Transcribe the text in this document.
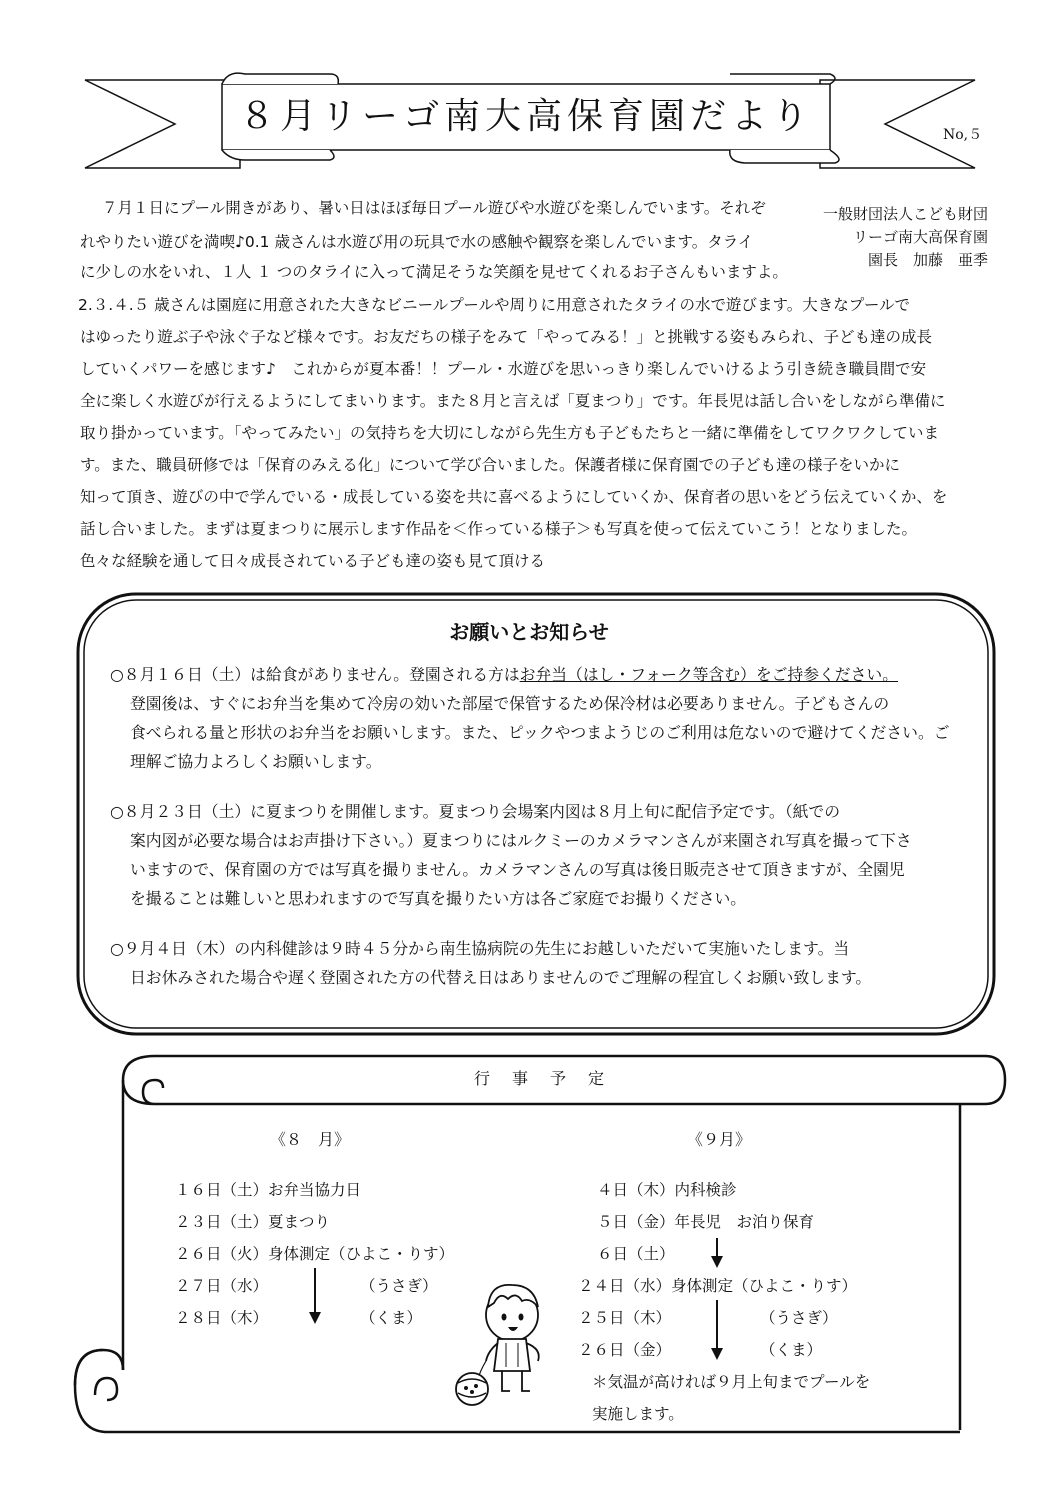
８月リーゴ南大高保育園だより	No,５
一般財団法人こども財団
リーゴ南大高保育園
園長　加藤　亜季
７月１日にプール開きがあり、暑い日はほぼ毎日プール遊びや水遊びを楽しんでいます。それぞ
れやりたい遊びを満喫♪0.1 歳さんは水遊び用の玩具で水の感触や観察を楽しんでいます。タライ
に少しの水をいれ、１人 １ つのタライに入って満足そうな笑顔を見せてくれるお子さんもいますよ。
2.３.４.５ 歳さんは園庭に用意された大きなビニールプールや周りに用意されたタライの水で遊びます。大きなプールで
はゆったり遊ぶ子や泳ぐ子など様々です。お友だちの様子をみて「やってみる！」と挑戦する姿もみられ、子ども達の成長
していくパワーを感じます♪　これからが夏本番！！プール・水遊びを思いっきり楽しんでいけるよう引き続き職員間で安
全に楽しく水遊びが行えるようにしてまいります。また８月と言えば「夏まつり」です。年長児は話し合いをしながら準備に
取り掛かっています。「やってみたい」の気持ちを大切にしながら先生方も子どもたちと一緒に準備をしてワクワクしていま
す。また、職員研修では「保育のみえる化」について学び合いました。保護者様に保育園での子ども達の様子をいかに
知って頂き、遊びの中で学んでいる・成長している姿を共に喜べるようにしていくか、保育者の思いをどう伝えていくか、を
話し合いました。まずは夏まつりに展示します作品を＜作っている様子＞も写真を使って伝えていこう！となりました。
色々な経験を通して日々成長されている子ども達の姿も見て頂ける
お願いとお知らせ
○８月１６日（土）は給食がありません。登園される方はお弁当（はし・フォーク等含む）をご持参ください。
登園後は、すぐにお弁当を集めて冷房の効いた部屋で保管するため保冷材は必要ありません。子どもさんの
食べられる量と形状のお弁当をお願いします。また、ピックやつまようじのご利用は危ないので避けてください。ご
理解ご協力よろしくお願いします。
○８月２３日（土）に夏まつりを開催します。夏まつり会場案内図は８月上旬に配信予定です。（紙での
案内図が必要な場合はお声掛け下さい。）夏まつりにはルクミーのカメラマンさんが来園され写真を撮って下さ
いますので、保育園の方では写真を撮りません。カメラマンさんの写真は後日販売させて頂きますが、全園児
を撮ることは難しいと思われますので写真を撮りたい方は各ご家庭でお撮りください。
○９月４日（木）の内科健診は９時４５分から南生協病院の先生にお越しいただいて実施いたします。当
日お休みされた場合や遅く登園された方の代替え日はありませんのでご理解の程宜しくお願い致します。
行事予定
《８　月》	《９月》
１６日（土）お弁当協力日
２３日（土）夏まつり
２６日（火）身体測定（ひよこ・りす）
２７日（水）	（うさぎ）
２８日（木）	（くま）
４日（木）内科検診
５日（金）年長児　お泊り保育
６日（土）
２４日（水）身体測定（ひよこ・りす）
２５日（木）	（うさぎ）
２６日（金）	（くま）
＊気温が高ければ９月上旬までプールを
実施します。
